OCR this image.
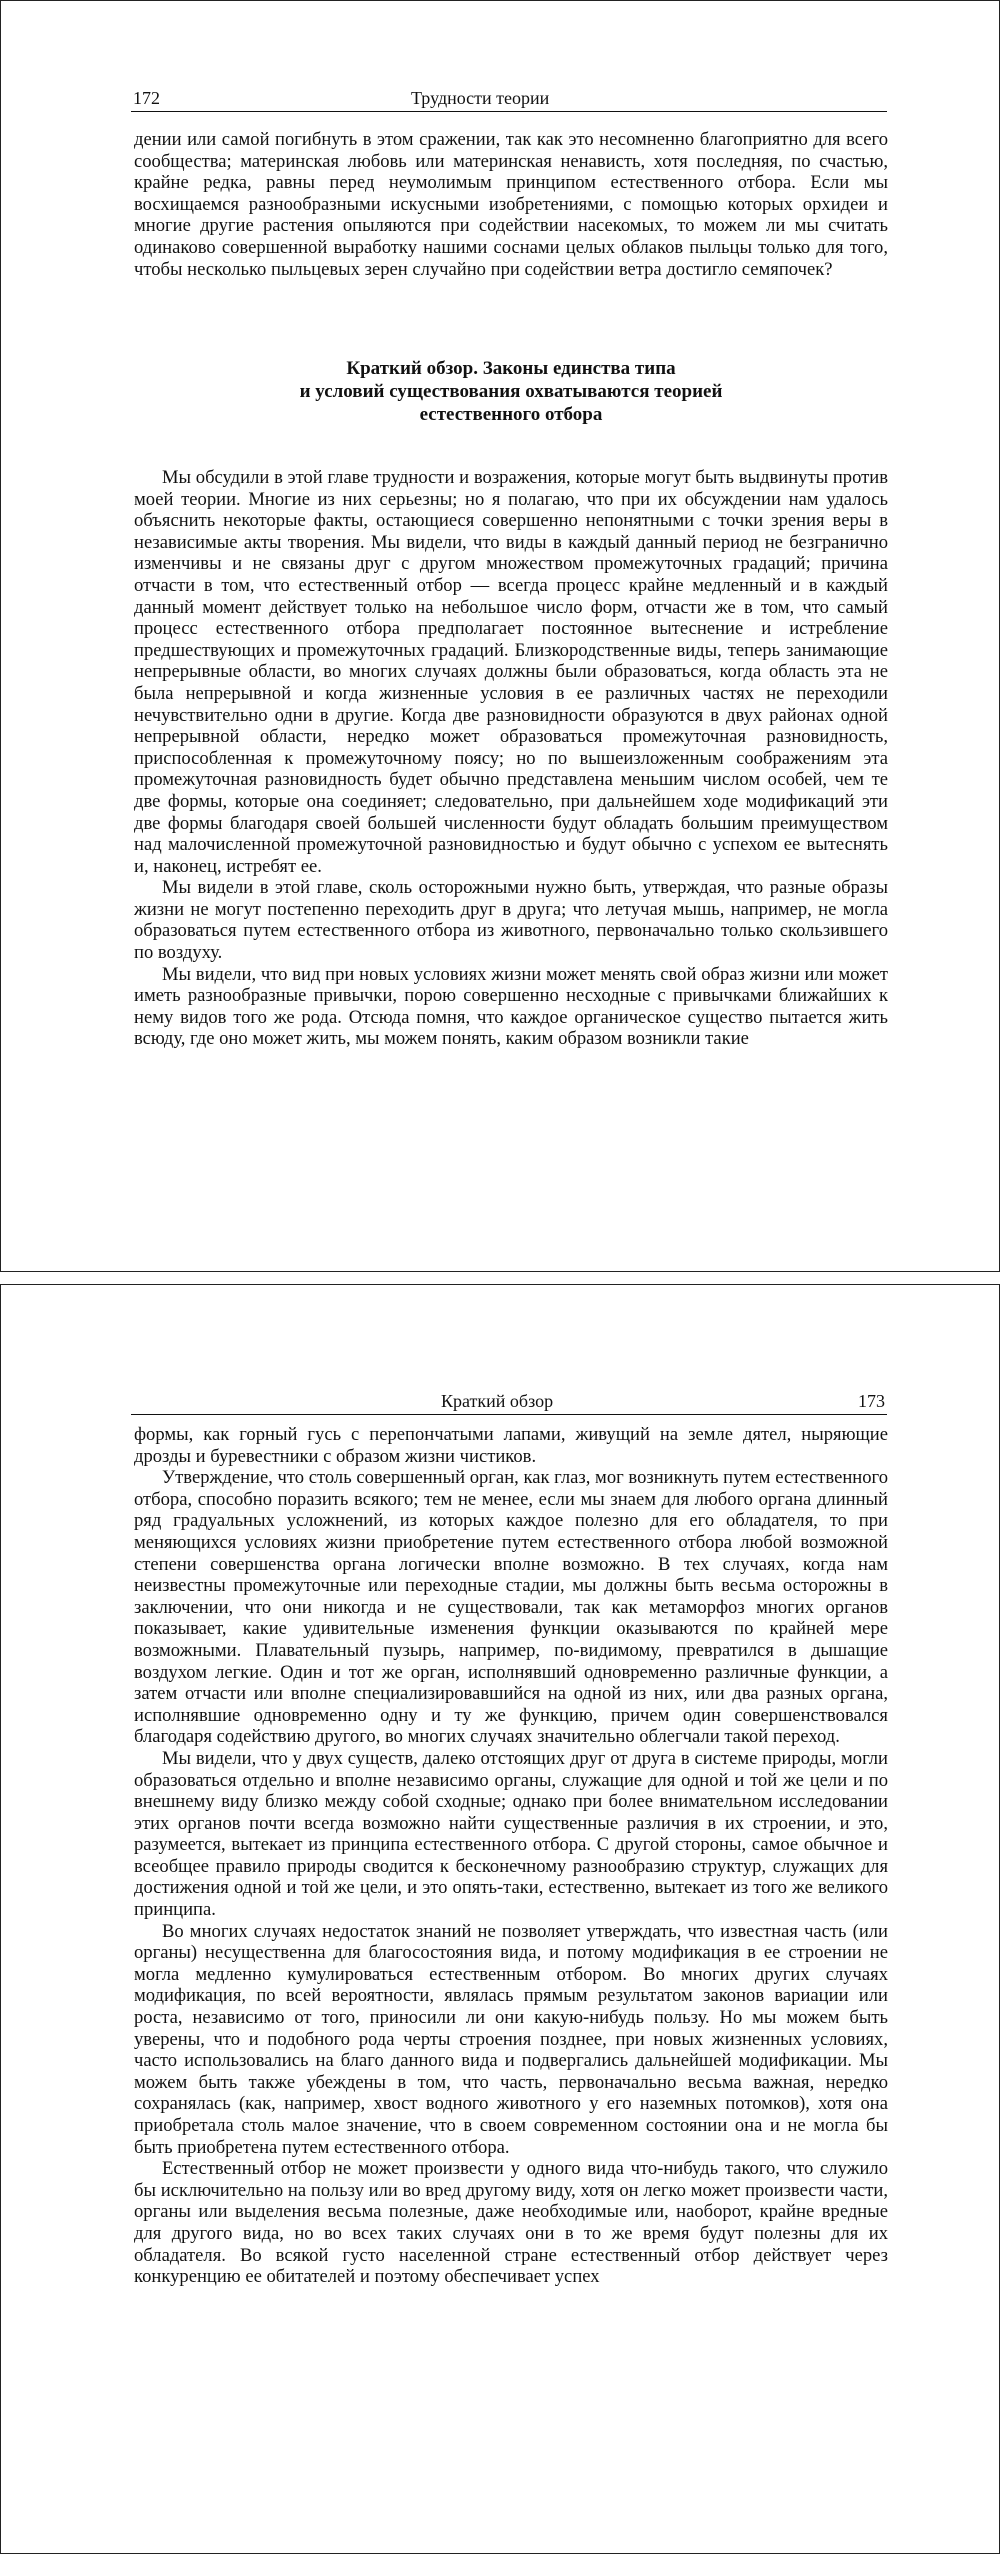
172	Трудности теории

дении или самой погибнуть в этом сражении, так как это несомненно благоприятно для всего сообщества; материнская любовь или материнская ненависть, хотя последняя, по счастью, крайне редка, равны перед неумолимым принципом естественного отбора. Если мы восхищаемся разнообразными искусными изобретениями, с помощью которых орхидеи и многие другие растения опыляются при содействии насекомых, то можем ли мы считать одинаково совершенной выработку нашими соснами целых облаков пыльцы только для того, чтобы несколько пыльцевых зерен случайно при содействии ветра достигло семяпочек?

Краткий обзор. Законы единства типа
и условий существования охватываются теорией
естественного отбора

Мы обсудили в этой главе трудности и возражения, которые могут быть выдвинуты против моей теории. Многие из них серьезны; но я полагаю, что при их обсуждении нам удалось объяснить некоторые факты, остающиеся совершенно непонятными с точки зрения веры в независимые акты творения. Мы видели, что виды в каждый данный период не безгранично изменчивы и не связаны друг с другом множеством промежуточных градаций; причина отчасти в том, что естественный отбор — всегда процесс крайне медленный и в каждый данный момент действует только на небольшое число форм, отчасти же в том, что самый процесс естественного отбора предполагает постоянное вытеснение и истребление предшествующих и промежуточных градаций. Близкородственные виды, теперь занимающие непрерывные области, во многих случаях должны были образоваться, когда область эта не была непрерывной и когда жизненные условия в ее различных частях не переходили нечувствительно одни в другие. Когда две разновидности образуются в двух районах одной непрерывной области, нередко может образоваться промежуточная разновидность, приспособленная к промежуточному поясу; но по вышеизложенным соображениям эта промежуточная разновидность будет обычно представлена меньшим числом особей, чем те две формы, которые она соединяет; следовательно, при дальнейшем ходе модификаций эти две формы благодаря своей большей численности будут обладать большим преимуществом над малочисленной промежуточной разновидностью и будут обычно с успехом ее вытеснять и, наконец, истребят ее.

Мы видели в этой главе, сколь осторожными нужно быть, утверждая, что разные образы жизни не могут постепенно переходить друг в друга; что летучая мышь, например, не могла образоваться путем естественного отбора из животного, первоначально только скользившего по воздуху.

Мы видели, что вид при новых условиях жизни может менять свой образ жизни или может иметь разнообразные привычки, порою совершенно несходные с привычками ближайших к нему видов того же рода. Отсюда помня, что каждое органическое существо пытается жить всюду, где оно может жить, мы можем понять, каким образом возникли такие

Краткий обзор	173

формы, как горный гусь с перепончатыми лапами, живущий на земле дятел, ныряющие дрозды и буревестники с образом жизни чистиков.

Утверждение, что столь совершенный орган, как глаз, мог возникнуть путем естественного отбора, способно поразить всякого; тем не менее, если мы знаем для любого органа длинный ряд градуальных усложнений, из которых каждое полезно для его обладателя, то при меняющихся условиях жизни приобретение путем естественного отбора любой возможной степени совершенства органа логически вполне возможно. В тех случаях, когда нам неизвестны промежуточные или переходные стадии, мы должны быть весьма осторожны в заключении, что они никогда и не существовали, так как метаморфоз многих органов показывает, какие удивительные изменения функции оказываются по крайней мере возможными. Плавательный пузырь, например, по-видимому, превратился в дышащие воздухом легкие. Один и тот же орган, исполнявший одновременно различные функции, а затем отчасти или вполне специализировавшийся на одной из них, или два разных органа, исполнявшие одновременно одну и ту же функцию, причем один совершенствовался благодаря содействию другого, во многих случаях значительно облегчали такой переход.

Мы видели, что у двух существ, далеко отстоящих друг от друга в системе природы, могли образоваться отдельно и вполне независимо органы, служащие для одной и той же цели и по внешнему виду близко между собой сходные; однако при более внимательном исследовании этих органов почти всегда возможно найти существенные различия в их строении, и это, разумеется, вытекает из принципа естественного отбора. С другой стороны, самое обычное и всеобщее правило природы сводится к бесконечному разнообразию структур, служащих для достижения одной и той же цели, и это опять-таки, естественно, вытекает из того же великого принципа.

Во многих случаях недостаток знаний не позволяет утверждать, что известная часть (или органы) несущественна для благосостояния вида, и потому модификация в ее строении не могла медленно кумулироваться естественным отбором. Во многих других случаях модификация, по всей вероятности, являлась прямым результатом законов вариации или роста, независимо от того, приносили ли они какую-нибудь пользу. Но мы можем быть уверены, что и подобного рода черты строения позднее, при новых жизненных условиях, часто использовались на благо данного вида и подвергались дальнейшей модификации. Мы можем быть также убеждены в том, что часть, первоначально весьма важная, нередко сохранялась (как, например, хвост водного животного у его наземных потомков), хотя она приобретала столь малое значение, что в своем современном состоянии она и не могла бы быть приобретена путем естественного отбора.

Естественный отбор не может произвести у одного вида что-нибудь такого, что служило бы исключительно на пользу или во вред другому виду, хотя он легко может произвести части, органы или выделения весьма полезные, даже необходимые или, наоборот, крайне вредные для другого вида, но во всех таких случаях они в то же время будут полезны для их обладателя. Во всякой густо населенной стране естественный отбор действует через конкуренцию ее обитателей и поэтому обеспечивает успех
